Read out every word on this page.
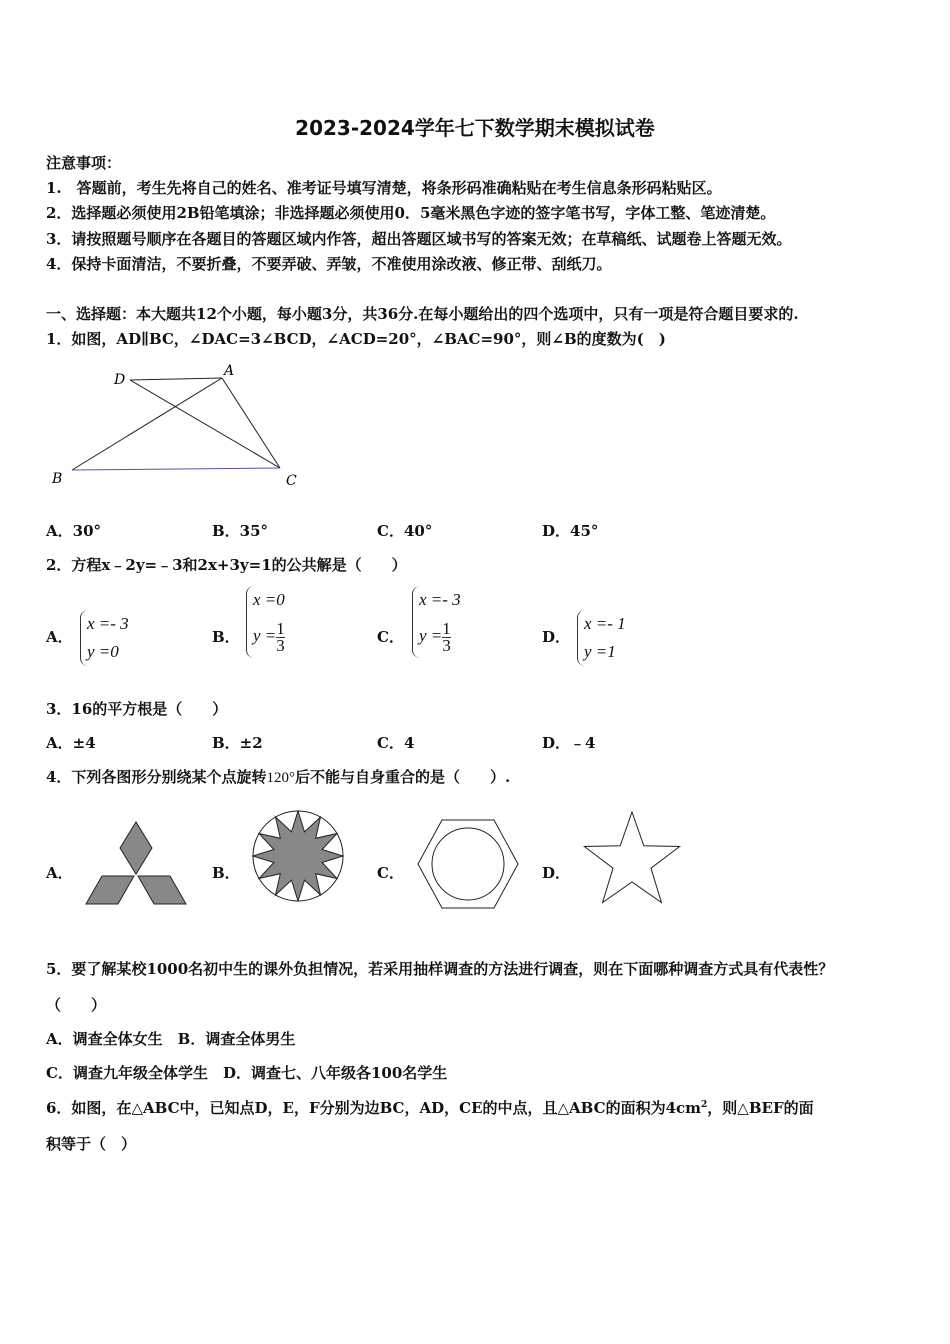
2023-2024学年七下数学期末模拟试卷
注意事项：
1.　答题前，考生先将自己的姓名、准考证号填写清楚，将条形码准确粘贴在考生信息条形码粘贴区。
2．选择题必须使用2B铅笔填涂；非选择题必须使用0．5毫米黑色字迹的签字笔书写，字体工整、笔迹清楚。
3．请按照题号顺序在各题目的答题区域内作答，超出答题区域书写的答案无效；在草稿纸、试题卷上答题无效。
4．保持卡面清洁，不要折叠，不要弄破、弄皱，不准使用涂改液、修正带、刮纸刀。
一、选择题：本大题共12个小题，每小题3分，共36分.在每小题给出的四个选项中，只有一项是符合题目要求的.
1．如图，AD∥BC，∠DAC=3∠BCD，∠ACD=20°，∠BAC=90°，则∠B的度数为(　)
D
A
B	C
A．30°	B．35°	C．40°	D．45°
2．方程x﹣2y=﹣3和2x+3y=1的公共解是（　　）
A．
x =- 3
y =0
B．
x =0
$y = \frac{1}{3}$	C．
x =- 3
$y = \frac{1}{3}$	D．
x =- 1
y =1
3．16的平方根是（　　）
A．±4	B．±2	C．4	D．﹣4
4．下列各图形分别绕某个点旋转120°后不能与自身重合的是（　　）.
A．	B．	C．	D．
5．要了解某校1000名初中生的课外负担情况，若采用抽样调查的方法进行调查，则在下面哪种调查方式具有代表性？
（　　）
A．调查全体女生　B．调查全体男生
C．调查九年级全体学生　D．调查七、八年级各100名学生
6．如图，在△ABC中，已知点D，E，F分别为边BC，AD，CE的中点，且△ABC的面积为$4cm^2$，则△BEF的面
积等于（　）
